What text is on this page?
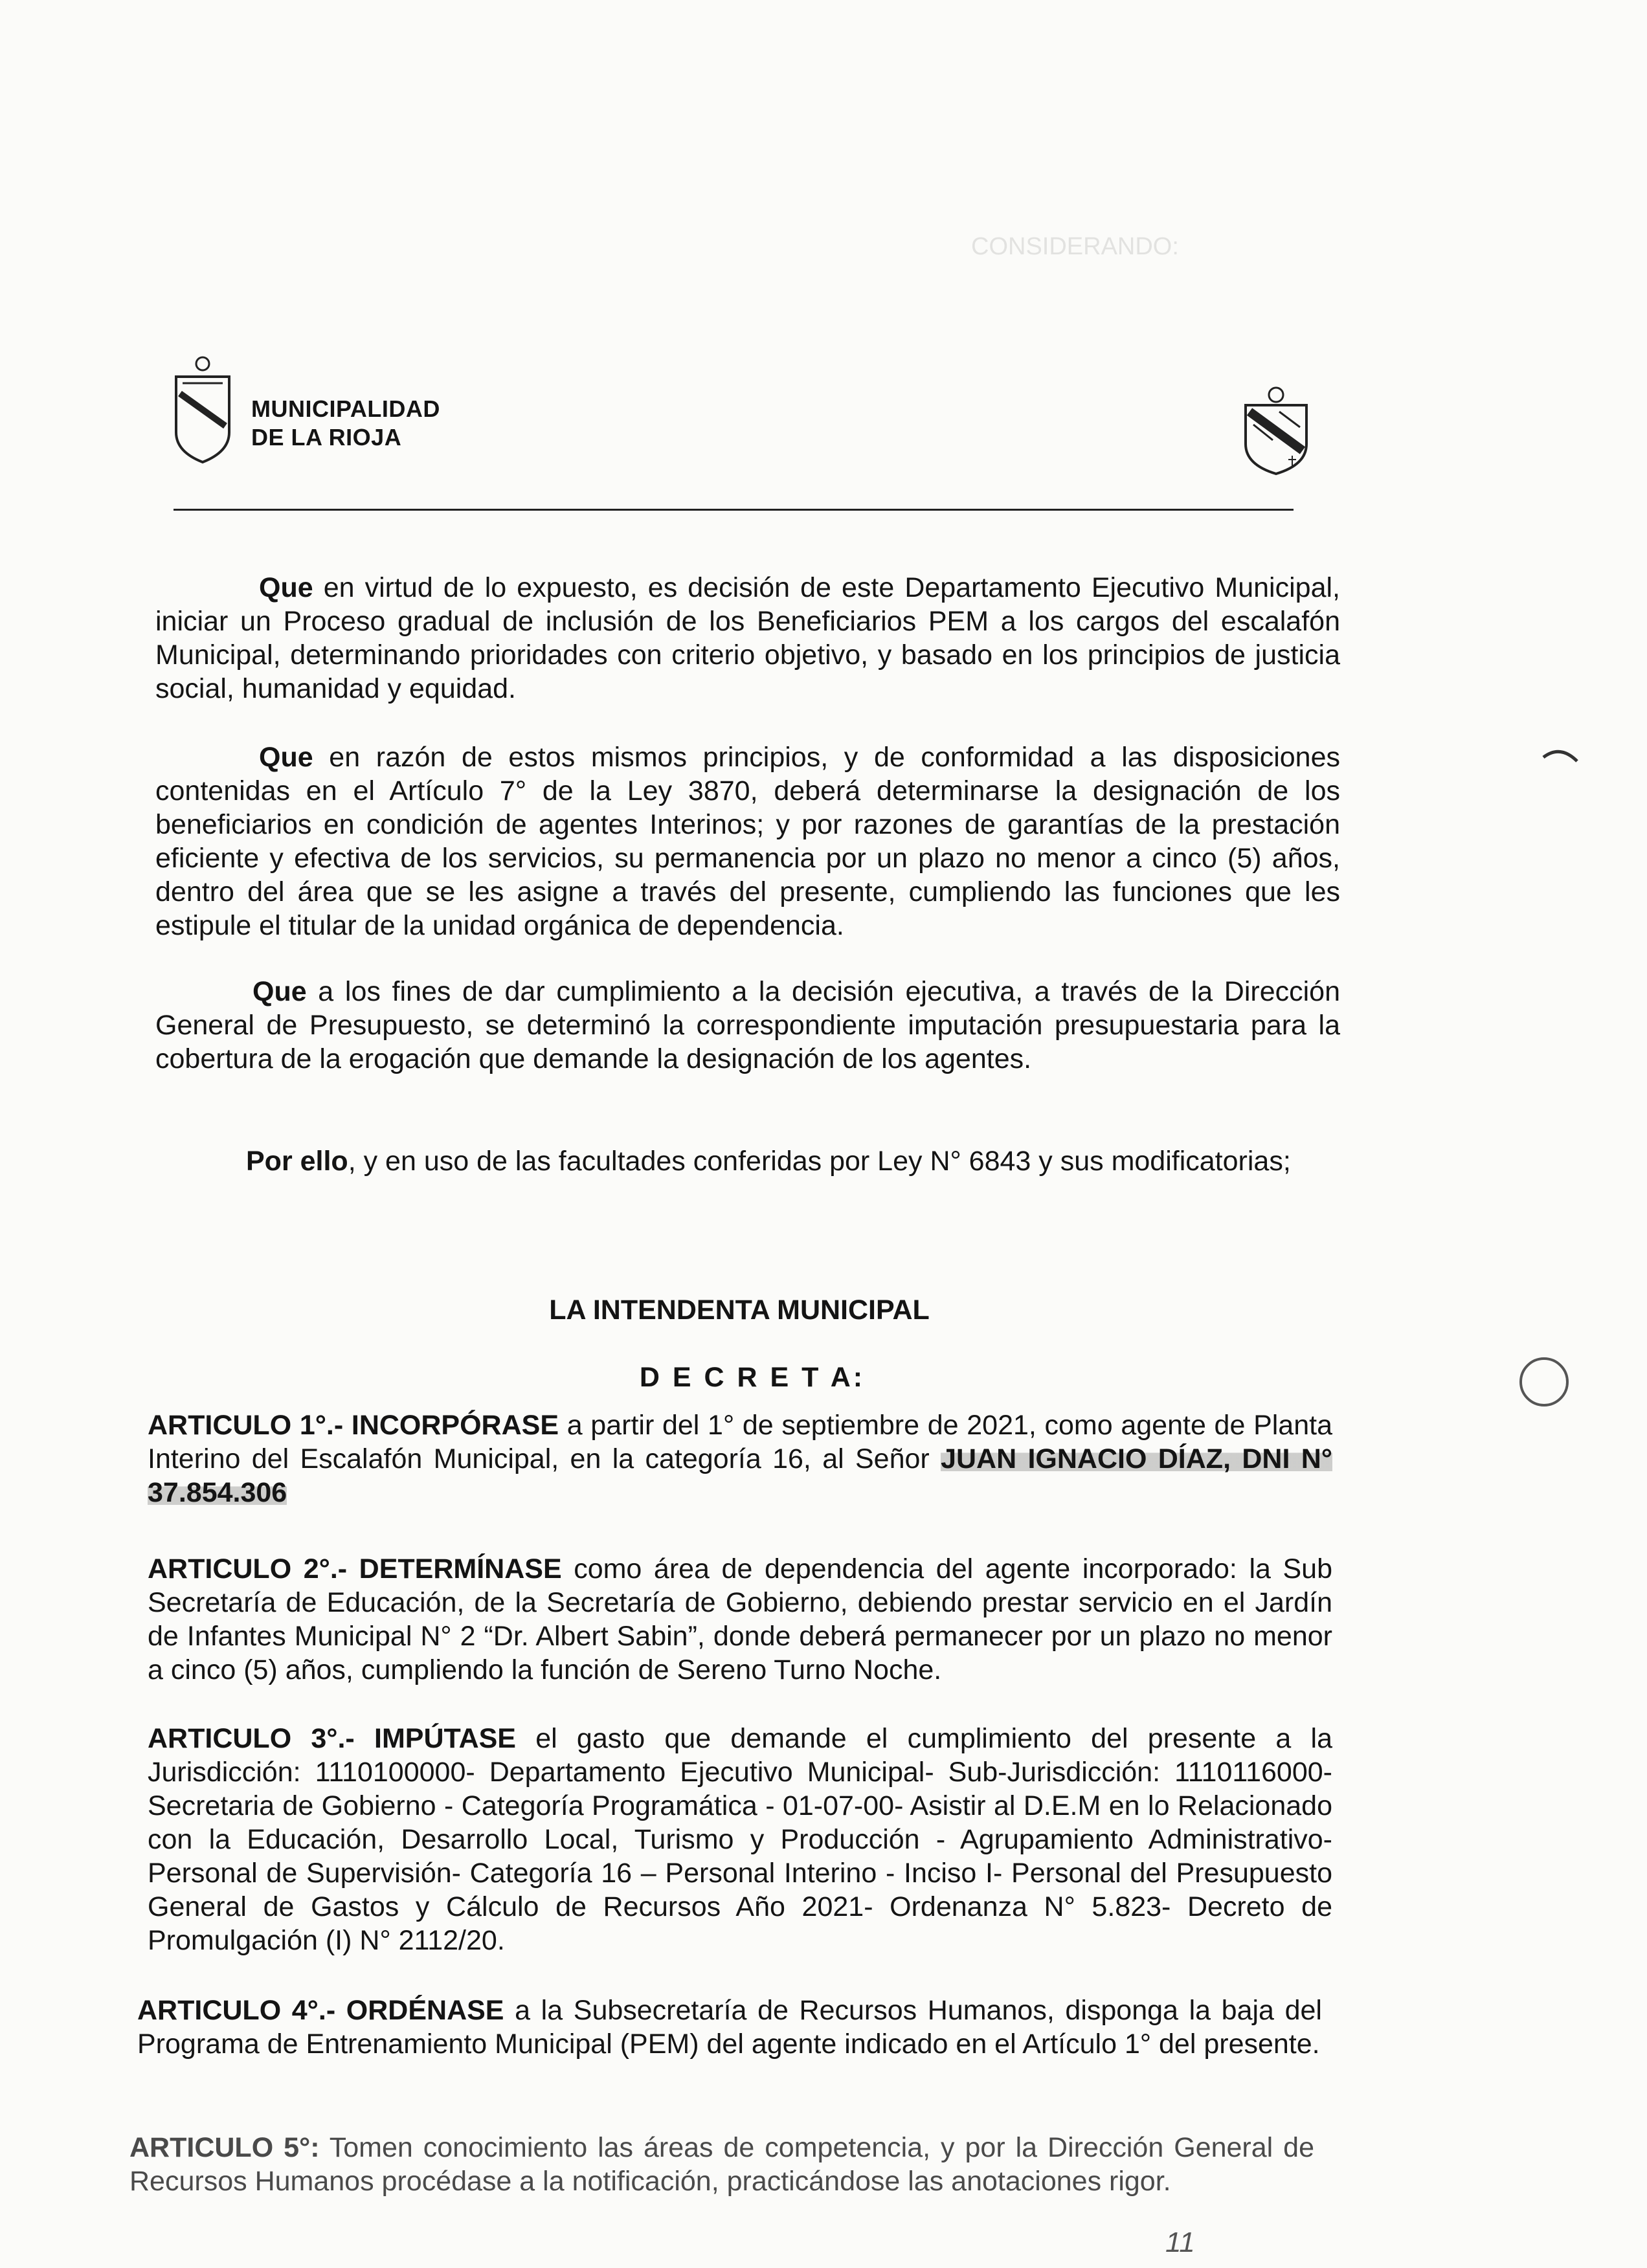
CONSIDERANDO:
MUNICIPALIDAD
DE LA RIOJA
Que en virtud de lo expuesto, es decisión de este Departamento Ejecutivo Municipal, iniciar un Proceso gradual de inclusión de los Beneficiarios PEM a los cargos del escalafón Municipal, determinando prioridades con criterio objetivo, y basado en los principios de justicia social, humanidad y equidad.
Que en razón de estos mismos principios, y de conformidad a las disposiciones contenidas en el Artículo 7° de la Ley 3870, deberá determinarse la designación de los beneficiarios en condición de agentes Interinos; y por razones de garantías de la prestación eficiente y efectiva de los servicios, su permanencia por un plazo no menor a cinco (5) años, dentro del área que se les asigne a través del presente, cumpliendo las funciones que les estipule el titular de la unidad orgánica de dependencia.
Que a los fines de dar cumplimiento a la decisión ejecutiva, a través de la Dirección General de Presupuesto, se determinó la correspondiente imputación presupuestaria para la cobertura de la erogación que demande la designación de los agentes.
Por ello, y en uso de las facultades conferidas por Ley N° 6843 y sus modificatorias;
LA INTENDENTA MUNICIPAL
D E C R E T A:
ARTICULO 1°.- INCORPÓRASE a partir del 1° de septiembre de 2021, como agente de Planta Interino del Escalafón Municipal, en la categoría 16, al Señor JUAN IGNACIO DÍAZ, DNI N° 37.854.306
ARTICULO 2°.- DETERMÍNASE como área de dependencia del agente incorporado: la Sub Secretaría de Educación, de la Secretaría de Gobierno, debiendo prestar servicio en el Jardín de Infantes Municipal N° 2 “Dr. Albert Sabin”, donde deberá permanecer por un plazo no menor a cinco (5) años, cumpliendo la función de Sereno Turno Noche.
ARTICULO 3°.- IMPÚTASE el gasto que demande el cumplimiento del presente a la Jurisdicción: 1110100000- Departamento Ejecutivo Municipal- Sub-Jurisdicción: 1110116000- Secretaria de Gobierno - Categoría Programática - 01-07-00- Asistir al D.E.M en lo Relacionado con la Educación, Desarrollo Local, Turismo y Producción - Agrupamiento Administrativo-Personal de Supervisión- Categoría 16 – Personal Interino - Inciso I- Personal del Presupuesto General de Gastos y Cálculo de Recursos Año 2021- Ordenanza N° 5.823- Decreto de Promulgación (I) N° 2112/20.
ARTICULO 4°.- ORDÉNASE a la Subsecretaría de Recursos Humanos, disponga la baja del Programa de Entrenamiento Municipal (PEM) del agente indicado en el Artículo 1° del presente.
ARTICULO 5°: Tomen conocimiento las áreas de competencia, y por la Dirección General de Recursos Humanos procédase a la notificación, practicándose las anotaciones rigor.
11
